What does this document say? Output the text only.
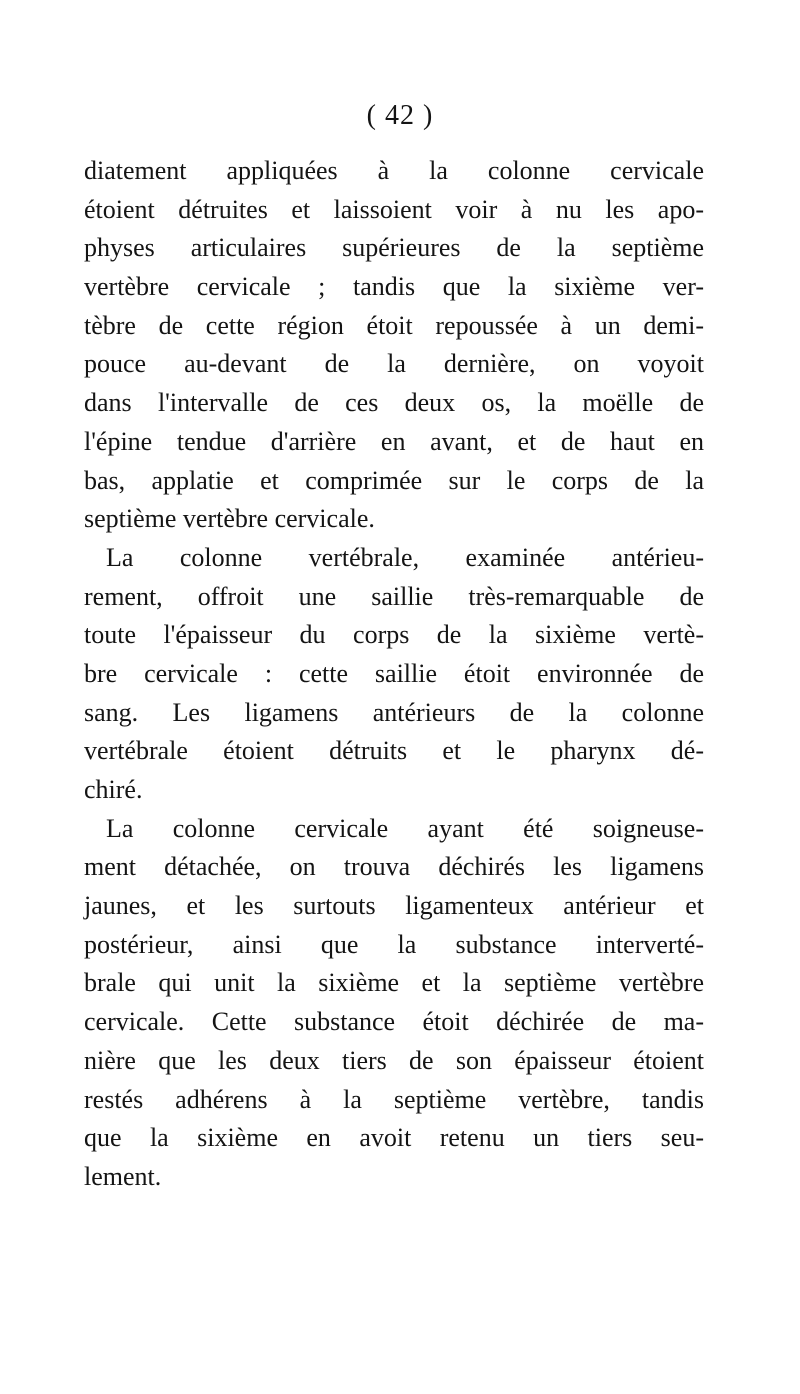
( 42 )
diatement appliquées à la colonne cervicale
étoient détruites et laissoient voir à nu les apo-
physes articulaires supérieures de la septième
vertèbre cervicale ; tandis que la sixième ver-
tèbre de cette région étoit repoussée à un demi-
pouce au-devant de la dernière, on voyoit
dans l'intervalle de ces deux os, la moëlle de
l'épine tendue d'arrière en avant, et de haut en
bas, applatie et comprimée sur le corps de la
septième vertèbre cervicale.
La colonne vertébrale, examinée antérieu-
rement, offroit une saillie très-remarquable de
toute l'épaisseur du corps de la sixième vertè-
bre cervicale : cette saillie étoit environnée de
sang. Les ligamens antérieurs de la colonne
vertébrale étoient détruits et le pharynx dé-
chiré.
La colonne cervicale ayant été soigneuse-
ment détachée, on trouva déchirés les ligamens
jaunes, et les surtouts ligamenteux antérieur et
postérieur, ainsi que la substance interverté-
brale qui unit la sixième et la septième vertèbre
cervicale. Cette substance étoit déchirée de ma-
nière que les deux tiers de son épaisseur étoient
restés adhérens à la septième vertèbre, tandis
que la sixième en avoit retenu un tiers seu-
lement.
